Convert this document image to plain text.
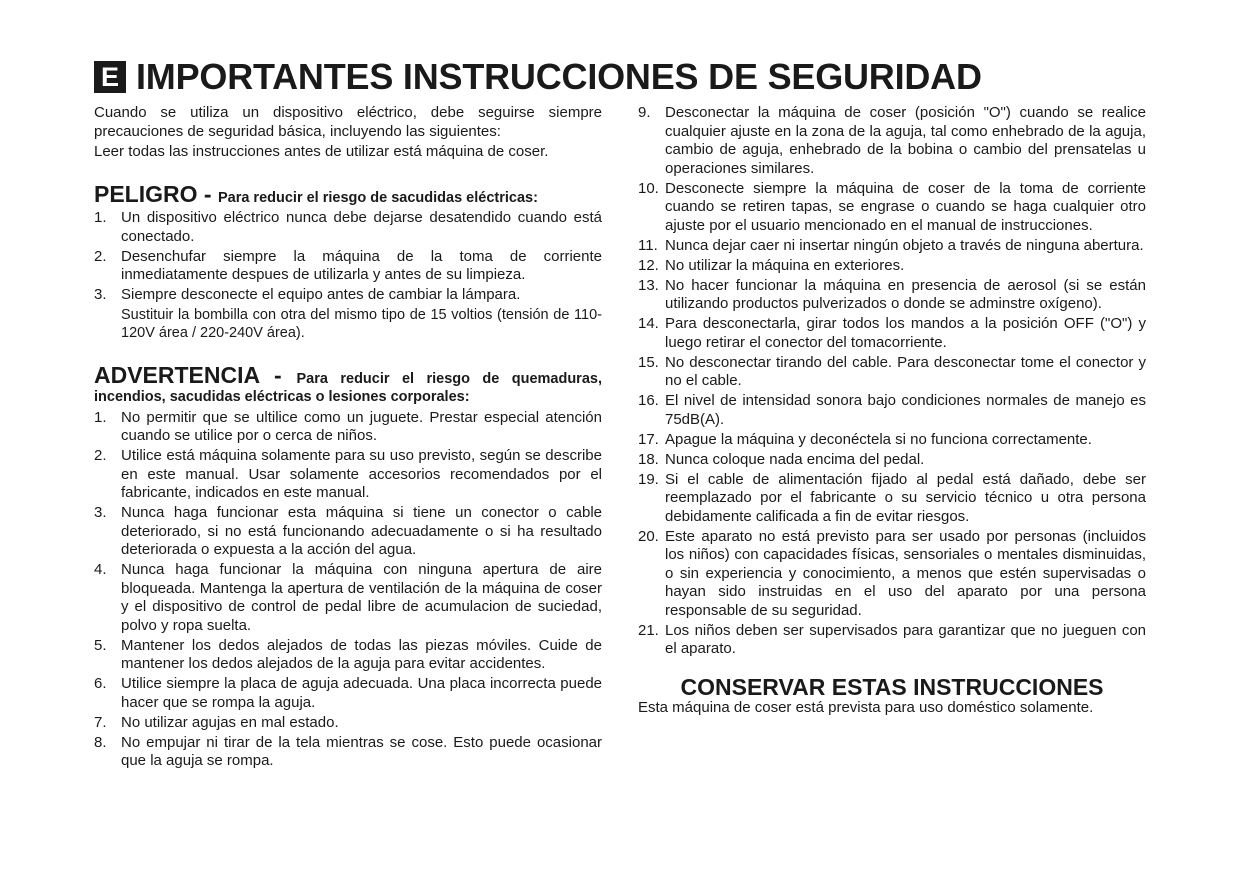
E IMPORTANTES INSTRUCCIONES DE SEGURIDAD

Cuando se utiliza un dispositivo eléctrico, debe seguirse siempre precauciones de seguridad básica, incluyendo las siguientes:

Leer todas las instrucciones antes de utilizar está máquina de coser.

PELIGRO - Para reducir el riesgo de sacudidas eléctricas:
1. Un dispositivo eléctrico nunca debe dejarse desatendido cuando está conectado.
2. Desenchufar siempre la máquina de la toma de corriente inmediatamente despues de utilizarla y antes de su limpieza.
3. Siempre desconecte el equipo antes de cambiar la lámpara.
Sustituir la bombilla con otra del mismo tipo de 15 voltios (tensión de 110-120V área / 220-240V área).
ADVERTENCIA - Para reducir el riesgo de quemaduras, incendios, sacudidas eléctricas o lesiones corporales:
1. No permitir que se ultilice como un juguete. Prestar especial atención cuando se utilice por o cerca de niños.
2. Utilice está máquina solamente para su uso previsto, según se describe en este manual. Usar solamente accesorios recomendados por el fabricante, indicados en este manual.
3. Nunca haga funcionar esta máquina si tiene un conector o cable deteriorado, si no está funcionando adecuadamente o si ha resultado deteriorada o expuesta a la acción del agua.
4. Nunca haga funcionar la máquina con ninguna apertura de aire bloqueada. Mantenga la apertura de ventilación de la máquina de coser y el dispositivo de control de pedal libre de acumulacion de suciedad, polvo y ropa suelta.
5. Mantener los dedos alejados de todas las piezas móviles. Cuide de mantener los dedos alejados de la aguja para evitar accidentes.
6. Utilice siempre la placa de aguja adecuada. Una placa incorrecta puede hacer que se rompa la aguja.
7. No utilizar agujas en mal estado.
8. No empujar ni tirar de la tela mientras se cose. Esto puede ocasionar que la aguja se rompa.
9. Desconectar la máquina de coser (posición "O") cuando se realice cualquier ajuste en la zona de la aguja, tal como enhebrado de la aguja, cambio de aguja, enhebrado de la bobina o cambio del prensatelas u operaciones similares.
10. Desconecte siempre la máquina de coser de la toma de corriente cuando se retiren tapas, se engrase o cuando se haga cualquier otro ajuste por el usuario mencionado en el manual de instrucciones.
11. Nunca dejar caer ni insertar ningún objeto a través de ninguna abertura.
12. No utilizar la máquina en exteriores.
13. No hacer funcionar la máquina en presencia de aerosol (si se están utilizando productos pulverizados o donde se adminstre oxígeno).
14. Para desconectarla, girar todos los mandos a la posición OFF ("O") y luego retirar el conector del tomacorriente.
15. No desconectar tirando del cable. Para desconectar tome el conector y no el cable.
16. El nivel de intensidad sonora bajo condiciones normales de manejo es 75dB(A).
17. Apague la máquina y deconéctela si no funciona correctamente.
18. Nunca coloque nada encima del pedal.
19. Si el cable de alimentación fijado al pedal está dañado, debe ser reemplazado por el fabricante o su servicio técnico u otra persona debidamente calificada a fin de evitar riesgos.
20. Este aparato no está previsto para ser usado por personas (incluidos los niños) con capacidades físicas, sensoriales o mentales disminuidas, o sin experiencia y conocimiento, a menos que estén supervisadas o hayan sido instruidas en el uso del aparato por una persona responsable de su seguridad.
21. Los niños deben ser supervisados para garantizar que no jueguen con el aparato.
CONSERVAR ESTAS INSTRUCCIONES

Esta máquina de coser está prevista para uso doméstico solamente.
